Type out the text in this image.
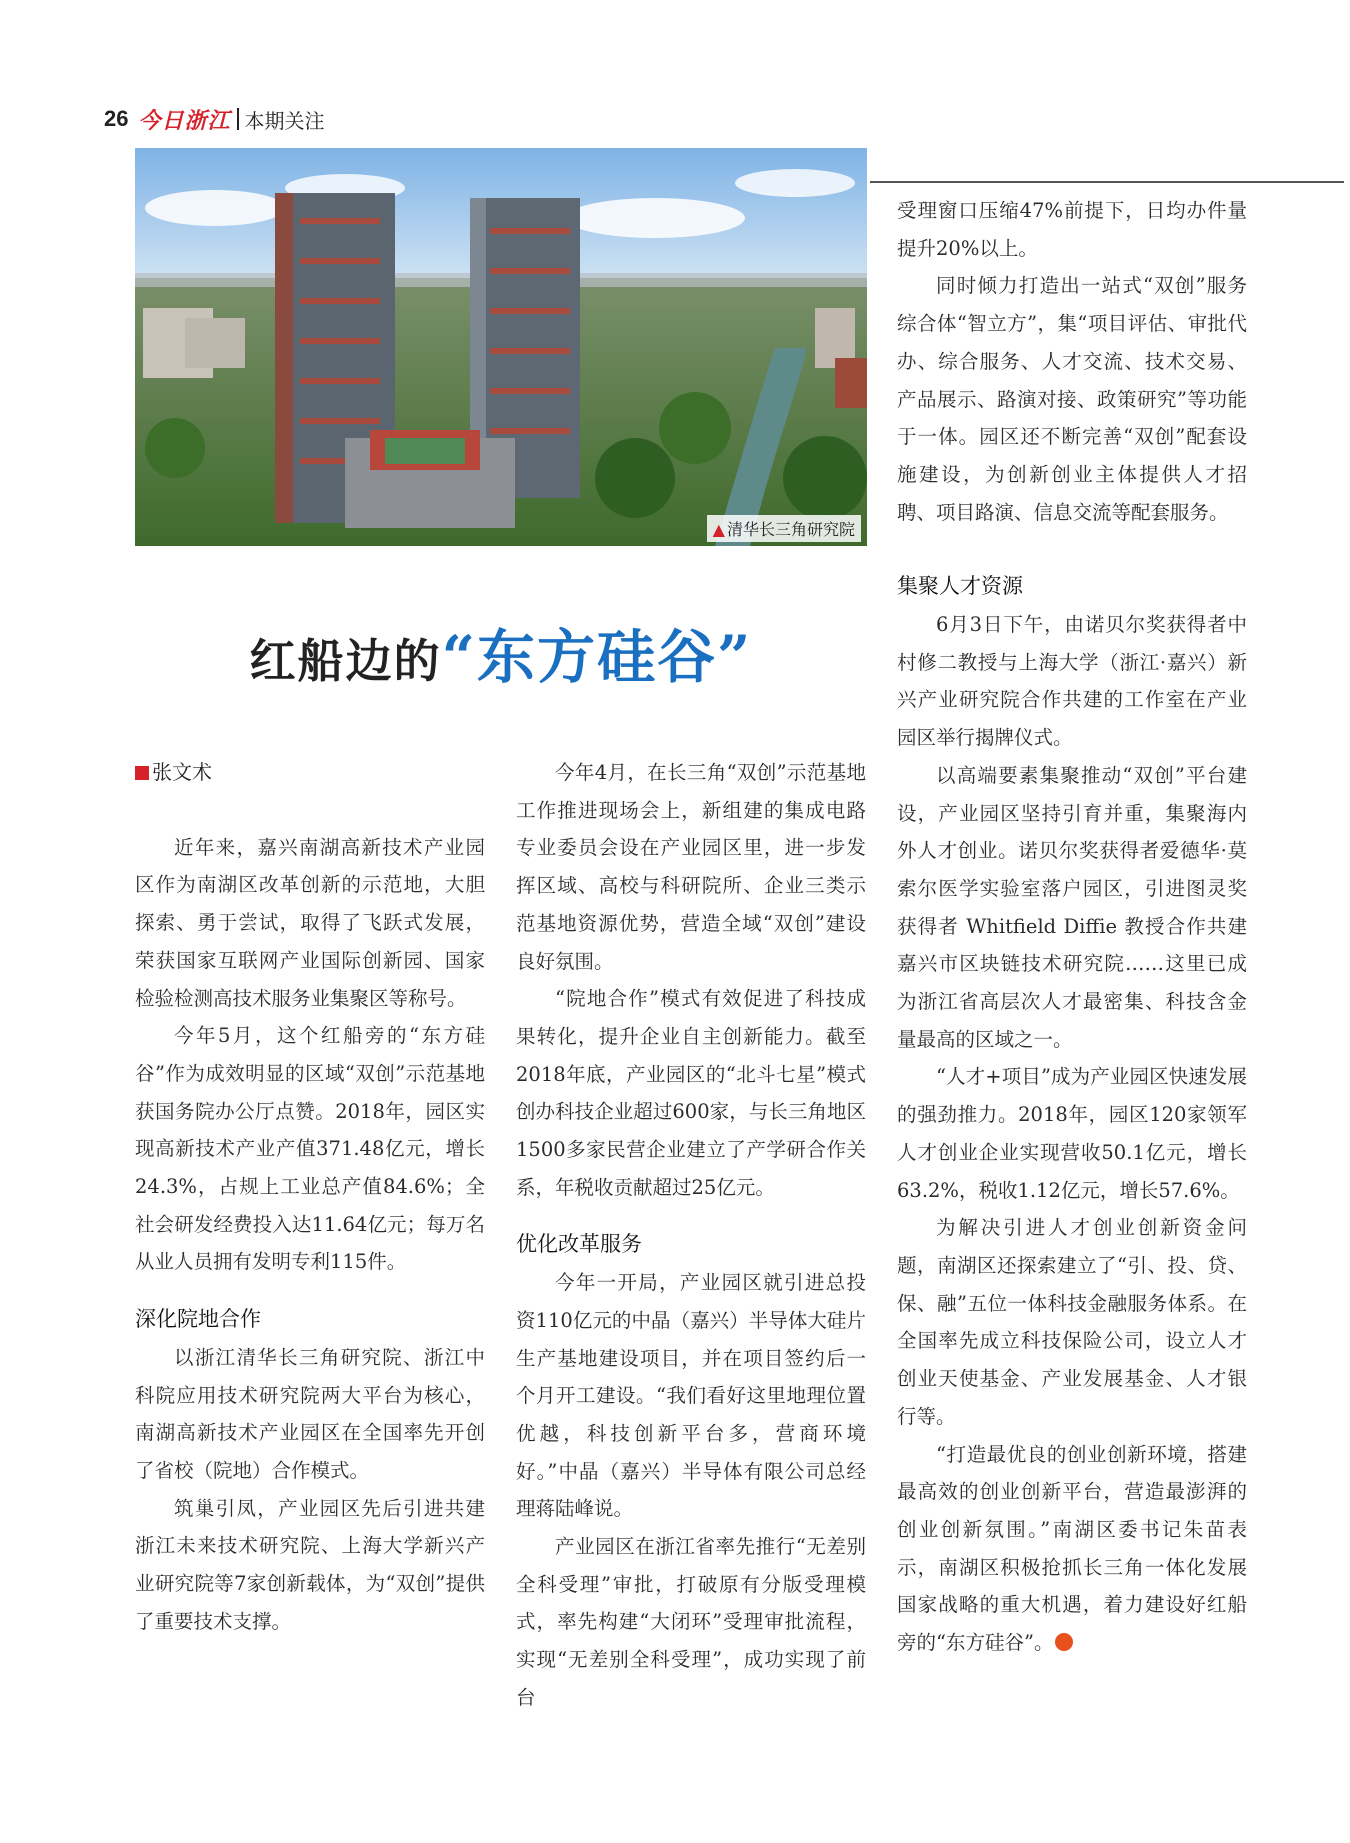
26 今日浙江 本期关注
▲ 清华长三角研究院
红船边的“东方硅谷”
张文术

近年来，嘉兴南湖高新技术产业园区作为南湖区改革创新的示范地，大胆探索、勇于尝试，取得了飞跃式发展，荣获国家互联网产业国际创新园、国家检验检测高技术服务业集聚区等称号。

今年5月，这个红船旁的“东方硅谷”作为成效明显的区域“双创”示范基地获国务院办公厅点赞。2018年，园区实现高新技术产业产值371.48亿元，增长24.3%，占规上工业总产值84.6%；全社会研发经费投入达11.64亿元；每万名从业人员拥有发明专利115件。

深化院地合作

以浙江清华长三角研究院、浙江中科院应用技术研究院两大平台为核心，南湖高新技术产业园区在全国率先开创了省校（院地）合作模式。

筑巢引凤，产业园区先后引进共建浙江未来技术研究院、上海大学新兴产业研究院等7家创新载体，为“双创”提供了重要技术支撑。

今年4月，在长三角“双创”示范基地工作推进现场会上，新组建的集成电路专业委员会设在产业园区里，进一步发挥区域、高校与科研院所、企业三类示范基地资源优势，营造全域“双创”建设良好氛围。

“院地合作”模式有效促进了科技成果转化，提升企业自主创新能力。截至2018年底，产业园区的“北斗七星”模式创办科技企业超过600家，与长三角地区1500多家民营企业建立了产学研合作关系，年税收贡献超过25亿元。

优化改革服务

今年一开局，产业园区就引进总投资110亿元的中晶（嘉兴）半导体大硅片生产基地建设项目，并在项目签约后一个月开工建设。“我们看好这里地理位置优越，科技创新平台多，营商环境好。”中晶（嘉兴）半导体有限公司总经理蒋陆峰说。

产业园区在浙江省率先推行“无差别全科受理”审批，打破原有分版受理模式，率先构建“大闭环”受理审批流程，实现“无差别全科受理”，成功实现了前台

受理窗口压缩47%前提下，日均办件量提升20%以上。

同时倾力打造出一站式“双创”服务综合体“智立方”，集“项目评估、审批代办、综合服务、人才交流、技术交易、产品展示、路演对接、政策研究”等功能于一体。园区还不断完善“双创”配套设施建设，为创新创业主体提供人才招聘、项目路演、信息交流等配套服务。

集聚人才资源

6月3日下午，由诺贝尔奖获得者中村修二教授与上海大学（浙江·嘉兴）新兴产业研究院合作共建的工作室在产业园区举行揭牌仪式。

以高端要素集聚推动“双创”平台建设，产业园区坚持引育并重，集聚海内外人才创业。诺贝尔奖获得者爱德华·莫索尔医学实验室落户园区，引进图灵奖获得者 Whitfield Diffie 教授合作共建嘉兴市区块链技术研究院……这里已成为浙江省高层次人才最密集、科技含金量最高的区域之一。

“人才+项目”成为产业园区快速发展的强劲推力。2018年，园区120家领军人才创业企业实现营收50.1亿元，增长63.2%，税收1.12亿元，增长57.6%。

为解决引进人才创业创新资金问题，南湖区还探索建立了“引、投、贷、保、融”五位一体科技金融服务体系。在全国率先成立科技保险公司，设立人才创业天使基金、产业发展基金、人才银行等。

“打造最优良的创业创新环境，搭建最高效的创业创新平台，营造最澎湃的创业创新氛围。”南湖区委书记朱苗表示，南湖区积极抢抓长三角一体化发展国家战略的重大机遇，着力建设好红船旁的“东方硅谷”。
